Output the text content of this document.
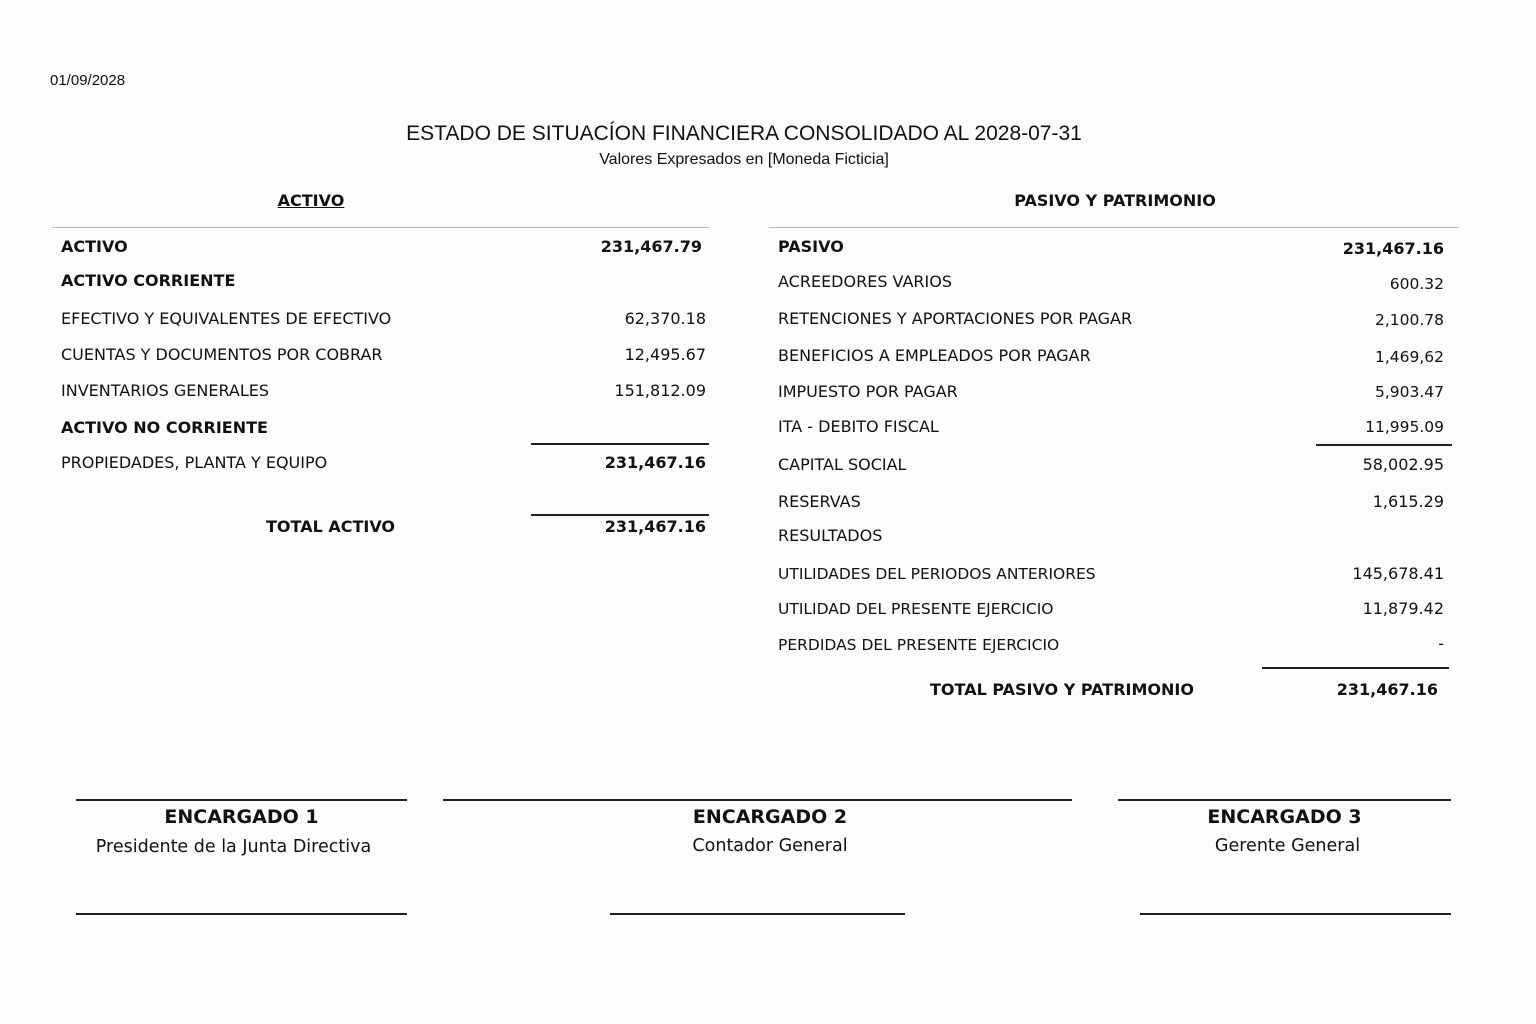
01/09/2028
ESTADO DE SITUACÍON FINANCIERA CONSOLIDADO AL 2028-07-31
Valores Expresados en [Moneda Ficticia]
ACTIVO	PASIVO Y PATRIMONIO
ACTIVO	231,467.79
ACTIVO CORRIENTE
EFECTIVO Y EQUIVALENTES DE EFECTIVO	62,370.18
CUENTAS Y DOCUMENTOS POR COBRAR	12,495.67
INVENTARIOS GENERALES	151,812.09
ACTIVO NO CORRIENTE
PROPIEDADES, PLANTA Y EQUIPO	231,467.16
TOTAL ACTIVO	231,467.16
PASIVO	231,467.16
ACREEDORES VARIOS	600.32
RETENCIONES Y APORTACIONES POR PAGAR	2,100.78
BENEFICIOS A EMPLEADOS POR PAGAR	1,469,62
IMPUESTO POR PAGAR	5,903.47
ITA - DEBITO FISCAL	11,995.09
CAPITAL SOCIAL	58,002.95
RESERVAS	1,615.29
RESULTADOS
UTILIDADES DEL PERIODOS ANTERIORES	145,678.41
UTILIDAD DEL PRESENTE EJERCICIO	11,879.42
PERDIDAS DEL PRESENTE EJERCICIO	-
TOTAL PASIVO Y PATRIMONIO	231,467.16
ENCARGADO 1
Presidente de la Junta Directiva
ENCARGADO 2
Contador General
ENCARGADO 3
Gerente General
